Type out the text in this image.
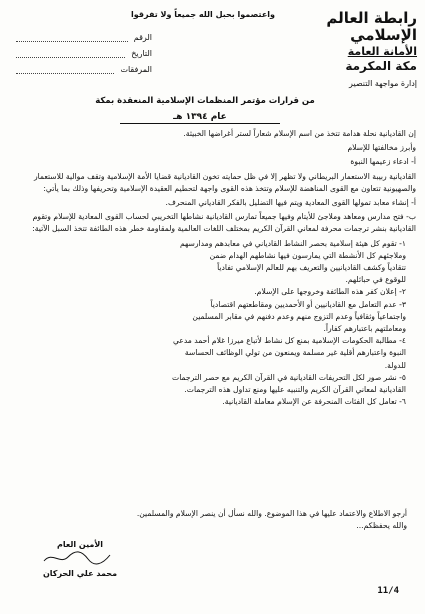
رابطة العالم الإسلامي
الأمانة العامة
مكة المكرمة
إدارة مواجهة التنصير
واعتصموا بحبل الله جميعاً ولا تفرقوا
الرقم
التاريخ
المرفقات
من قرارات مؤتمر المنظمات الإسلامية المنعقدة بمكة
عام ١٣٩٤ هـ

إن القاديانية نحلة هدامة تتخذ من اسم الإسلام شعاراً لستر أغراضها الخبيثة.

وأبرز مخالفتها للإسلام

أ- ادعاء زعيمها النبوة

القاديانية ربيبة الاستعمار البريطاني ولا تظهر إلا في ظل حمايته تخون القاديانية قضايا الأمة الإسلامية وتقف موالية للاستعمار والصهيونية تتعاون مع القوى المناهضة للإسلام وتتخذ هذه القوى واجهة لتحطيم العقيدة الإسلامية وتحريفها وذلك بما يأتي:

أ- إنشاء معابد تمولها القوى المعادية ويتم فيها التضليل بالفكر القادياني المنحرف.

ب- فتح مدارس ومعاهد وملاجئ للأيتام وفيها جميعاً تمارس القاديانية نشاطها التخريبي لحساب القوى المعادية للإسلام وتقوم القاديانية بنشر ترجمات محرفة لمعاني القرآن الكريم بمختلف اللغات العالمية ولمقاومة خطر هذه الطائفة تتخذ السبل الآتية:

١- تقوم كل هيئة إسلامية بحصر النشاط القادياني في معابدهم ومدارسهم

وملاجئهم كل الأنشطة التي يمارسون فيها نشاطهم الهدام ضمن

تتقادياً وكشف القاديانيين والتعريف بهم للعالم الإسلامي تفادياً

للوقوع في حبائلهم.

٢- إعلان كفر هذه الطائفة وخروجها على الإسلام.

٣- عدم التعامل مع القاديانيين أو الأحمديين ومقاطعتهم اقتصادياً

واجتماعياً وثقافياً وعدم التزوج منهم وعدم دفنهم في مقابر المسلمين

ومعاملتهم باعتبارهم كفاراً.

٤- مطالبة الحكومات الإسلامية بمنع كل نشاط لأتباع ميرزا غلام أحمد مدعي

النبوة واعتبارهم أقلية غير مسلمة ويمنعون من تولي الوظائف الحساسة

للدولة.

٥- نشر صور لكل التحريفات القاديانية في القرآن الكريم مع حصر الترجمات

القاديانية لمعاني القرآن الكريم والتنبيه عليها ومنع تداول هذه الترجمات.

٦- تعامل كل الفئات المنحرفة عن الإسلام معاملة القاديانية.

أرجو الاطلاع والاعتماد عليها في هذا الموضوع. والله نسأل أن ينصر الإسلام والمسلمين.
والله يحفظكم...
الأمين العام
محمد علي الحركان
11/4
